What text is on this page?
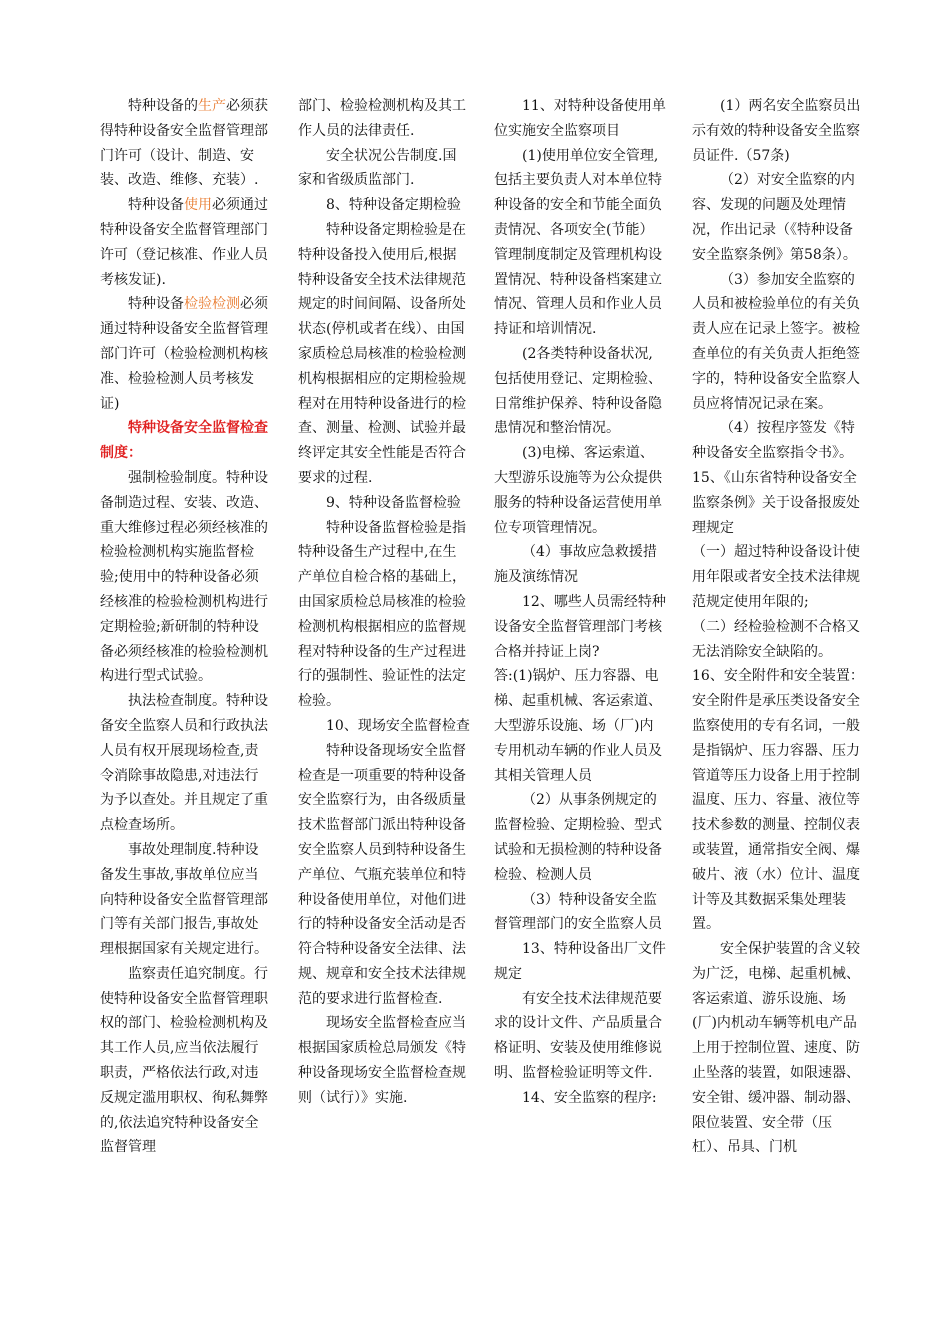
特种设备的生产必须获得特种设备安全监督管理部门许可（设计、制造、安装、改造、维修、充装）.

特种设备使用必须通过特种设备安全监督管理部门许可（登记核准、作业人员考核发证).

特种设备检验检测必须通过特种设备安全监督管理部门许可（检验检测机构核准、检验检测人员考核发证)

特种设备安全监督检查制度：

强制检验制度。特种设备制造过程、安装、改造、重大维修过程必须经核准的检验检测机构实施监督检验;使用中的特种设备必须经核准的检验检测机构进行定期检验;新研制的特种设备必须经核准的检验检测机构进行型式试验。

执法检查制度。特种设备安全监察人员和行政执法人员有权开展现场检查,责令消除事故隐患,对违法行为予以查处。并且规定了重点检查场所。

事故处理制度.特种设备发生事故,事故单位应当向特种设备安全监督管理部门等有关部门报告,事故处理根据国家有关规定进行。

监察责任追究制度。行使特种设备安全监督管理职权的部门、检验检测机构及其工作人员,应当依法履行职责，严格依法行政,对违反规定滥用职权、徇私舞弊的,依法追究特种设备安全监督管理

部门、检验检测机构及其工作人员的法律责任.

安全状况公告制度.国家和省级质监部门.

8、特种设备定期检验

特种设备定期检验是在特种设备投入使用后,根据特种设备安全技术法律规范规定的时间间隔、设备所处状态(停机或者在线）、由国家质检总局核准的检验检测机构根据相应的定期检验规程对在用特种设备进行的检查、测量、检测、试验并最终评定其安全性能是否符合要求的过程.

9、特种设备监督检验

特种设备监督检验是指特种设备生产过程中,在生产单位自检合格的基础上，由国家质检总局核准的检验检测机构根据相应的监督规程对特种设备的生产过程进行的强制性、验证性的法定检验。

10、现场安全监督检查

特种设备现场安全监督检查是一项重要的特种设备安全监察行为，由各级质量技术监督部门派出特种设备安全监察人员到特种设备生产单位、气瓶充装单位和特种设备使用单位，对他们进行的特种设备安全活动是否符合特种设备安全法律、法规、规章和安全技术法律规范的要求进行监督检查.

现场安全监督检查应当根据国家质检总局颁发《特种设备现场安全监督检查规则（试行）》实施.

11、对特种设备使用单位实施安全监察项目

(1)使用单位安全管理,包括主要负责人对本单位特种设备的安全和节能全面负责情况、各项安全(节能）管理制度制定及管理机构设置情况、特种设备档案建立情况、管理人员和作业人员持证和培训情况.

(2各类特种设备状况,包括使用登记、定期检验、日常维护保养、特种设备隐患情况和整治情况。

(3)电梯、客运索道、大型游乐设施等为公众提供服务的特种设备运营使用单位专项管理情况。

（4）事故应急救援措施及演练情况

12、哪些人员需经特种设备安全监督管理部门考核合格并持证上岗?

答:(1)锅炉、压力容器、电梯、起重机械、客运索道、大型游乐设施、场（厂)内专用机动车辆的作业人员及其相关管理人员

（2）从事条例规定的监督检验、定期检验、型式试验和无损检测的特种设备检验、检测人员

（3）特种设备安全监督管理部门的安全监察人员

13、特种设备出厂文件规定

有安全技术法律规范要求的设计文件、产品质量合格证明、安装及使用维修说明、监督检验证明等文件.

14、安全监察的程序:

(1）两名安全监察员出示有效的特种设备安全监察员证件.（57条)

（2）对安全监察的内容、发现的问题及处理情况，作出记录（《特种设备安全监察条例》第58条）。

（3）参加安全监察的人员和被检验单位的有关负责人应在记录上签字。被检查单位的有关负责人拒绝签字的，特种设备安全监察人员应将情况记录在案。

（4）按程序签发《特种设备安全监察指令书》。

15、《山东省特种设备安全监察条例》关于设备报废处理规定

（一）超过特种设备设计使用年限或者安全技术法律规范规定使用年限的;

（二）经检验检测不合格又无法消除安全缺陷的。

16、安全附件和安全装置：安全附件是承压类设备安全监察使用的专有名词，一般是指锅炉、压力容器、压力管道等压力设备上用于控制温度、压力、容量、液位等技术参数的测量、控制仪表或装置，通常指安全阀、爆破片、液（水）位计、温度计等及其数据采集处理装置。

安全保护装置的含义较为广泛，电梯、起重机械、客运索道、游乐设施、场(厂)内机动车辆等机电产品上用于控制位置、速度、防止坠落的装置，如限速器、安全钳、缓冲器、制动器、限位装置、安全带（压杠）、吊具、门机
